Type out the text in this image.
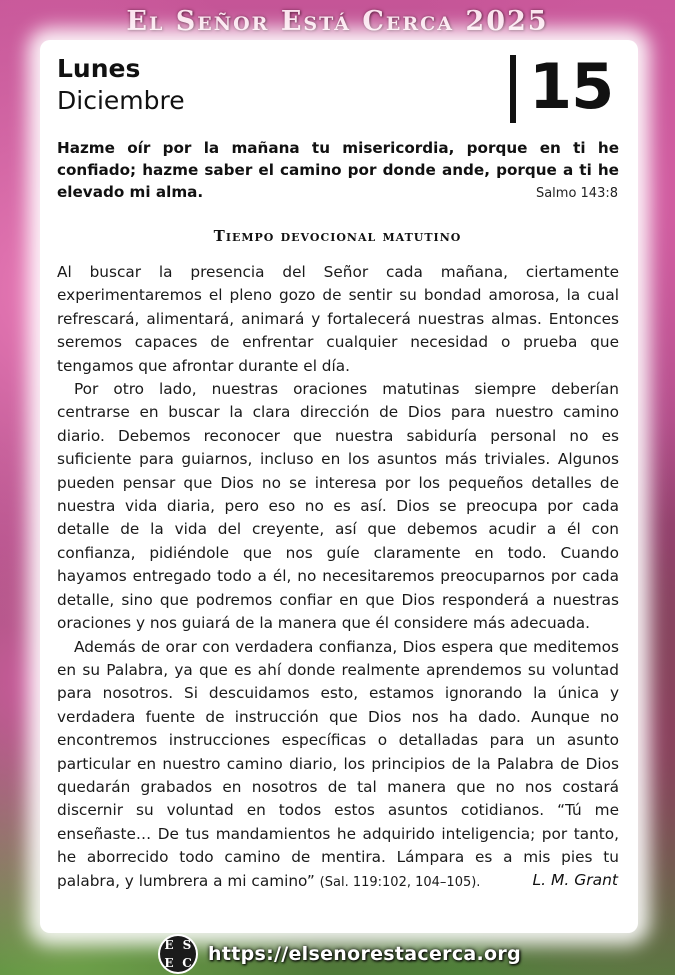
El Señor Está Cerca 2025
Lunes
Diciembre	15
Hazme oír por la mañana tu misericordia, porque en ti he confiado; hazme saber el camino por donde ande, porque a ti he elevado mi alma.	Salmo 143:8
Tiempo devocional matutino

Al buscar la presencia del Señor cada mañana, ciertamente experimentaremos el pleno gozo de sentir su bondad amorosa, la cual refrescará, alimentará, animará y fortalecerá nuestras almas. Entonces seremos capaces de enfrentar cualquier necesidad o prueba que tengamos que afrontar durante el día.

Por otro lado, nuestras oraciones matutinas siempre deberían centrarse en buscar la clara dirección de Dios para nuestro camino diario. Debemos reconocer que nuestra sabiduría personal no es suficiente para guiarnos, incluso en los asuntos más triviales. Algunos pueden pensar que Dios no se interesa por los pequeños detalles de nuestra vida diaria, pero eso no es así. Dios se preocupa por cada detalle de la vida del creyente, así que debemos acudir a él con confianza, pidiéndole que nos guíe claramente en todo. Cuando hayamos entregado todo a él, no necesitaremos preocuparnos por cada detalle, sino que podremos confiar en que Dios responderá a nuestras oraciones y nos guiará de la manera que él considere más adecuada.

Además de orar con verdadera confianza, Dios espera que meditemos en su Palabra, ya que es ahí donde realmente aprendemos su voluntad para nosotros. Si descuidamos esto, estamos ignorando la única y verdadera fuente de instrucción que Dios nos ha dado. Aunque no encontremos instrucciones específicas o detalladas para un asunto particular en nuestro camino diario, los principios de la Palabra de Dios quedarán grabados en nosotros de tal manera que no nos costará discernir su voluntad en todos estos asuntos cotidianos. “Tú me enseñaste… De tus mandamientos he adquirido inteligencia; por tanto, he aborrecido todo camino de mentira. Lámpara es a mis pies tu palabra, y lumbrera a mi camino” (Sal. 119:102, 104–105).	L. M. Grant
E S
E C https://elsenorestacerca.org
